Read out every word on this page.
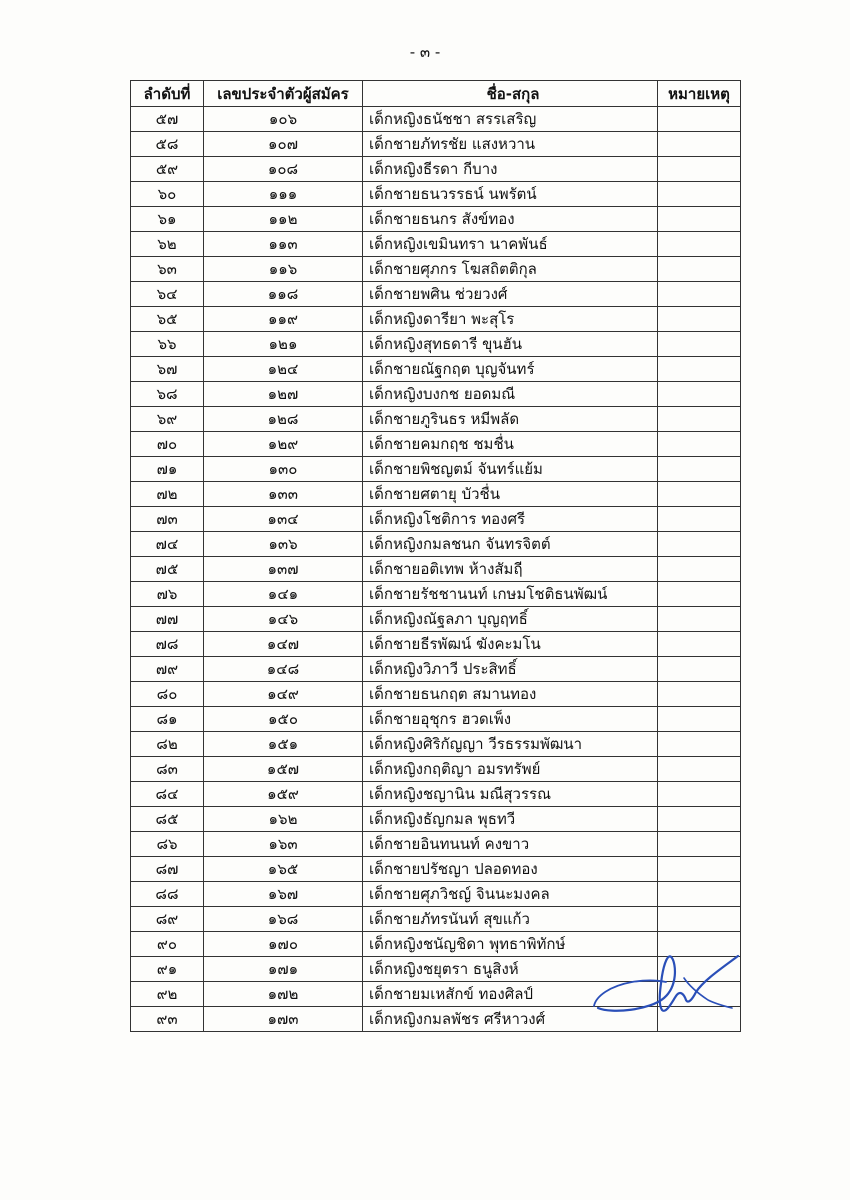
- ๓ -
ลำดับที่	เลขประจำตัวผู้สมัคร	ชื่อ-สกุล	หมายเหตุ
๕๗	๑๐๖	เด็กหญิงธนัชชา สรรเสริญ	
๕๘	๑๐๗	เด็กชายภัทรชัย แสงหวาน	
๕๙	๑๐๘	เด็กหญิงธีรดา กีบาง	
๖๐	๑๑๑	เด็กชายธนวรรธน์ นพรัตน์	
๖๑	๑๑๒	เด็กชายธนกร สังข์ทอง	
๖๒	๑๑๓	เด็กหญิงเขมินทรา นาคพันธ์	
๖๓	๑๑๖	เด็กชายศุภกร โฆสถิตติกุล	
๖๔	๑๑๘	เด็กชายพศิน ช่วยวงศ์	
๖๕	๑๑๙	เด็กหญิงดารียา พะสุโร	
๖๖	๑๒๑	เด็กหญิงสุทธดารี ขุนฮัน	
๖๗	๑๒๔	เด็กชายณัฐกฤต บุญจันทร์	
๖๘	๑๒๗	เด็กหญิงบงกช ยอดมณี	
๖๙	๑๒๘	เด็กชายภูรินธร หมีพลัด	
๗๐	๑๒๙	เด็กชายคมกฤช ชมชื่น	
๗๑	๑๓๐	เด็กชายพิชญตม์ จันทร์แย้ม	
๗๒	๑๓๓	เด็กชายศตายุ บัวชื่น	
๗๓	๑๓๔	เด็กหญิงโชติการ ทองศรี	
๗๔	๑๓๖	เด็กหญิงกมลชนก จันทรจิตต์	
๗๕	๑๓๗	เด็กชายอติเทพ ห้างสัมฤี	
๗๖	๑๔๑	เด็กชายรัชชานนท์ เกษมโชติธนพัฒน์	
๗๗	๑๔๖	เด็กหญิงณัฐลภา บุญฤทธิ์	
๗๘	๑๔๗	เด็กชายธีรพัฒน์ ฆังคะมโน	
๗๙	๑๔๘	เด็กหญิงวิภาวี ประสิทธิ์	
๘๐	๑๔๙	เด็กชายธนกฤต สมานทอง	
๘๑	๑๕๐	เด็กชายอุชุกร ฮวดเพ็ง	
๘๒	๑๕๑	เด็กหญิงศิริกัญญา วีรธรรมพัฒนา	
๘๓	๑๕๗	เด็กหญิงกฤติญา อมรทรัพย์	
๘๔	๑๕๙	เด็กหญิงชญานิน มณีสุวรรณ	
๘๕	๑๖๒	เด็กหญิงธัญกมล พุธทวี	
๘๖	๑๖๓	เด็กชายอินทนนท์ คงขาว	
๘๗	๑๖๕	เด็กชายปรัชญา ปลอดทอง	
๘๘	๑๖๗	เด็กชายศุภวิชญ์ จินนะมงคล	
๘๙	๑๖๘	เด็กชายภัทรนันท์ สุขแก้ว	
๙๐	๑๗๐	เด็กหญิงชนัญชิดา พุทธาพิทักษ์	
๙๑	๑๗๑	เด็กหญิงชยุตรา ธนูสิงห์	
๙๒	๑๗๒	เด็กชายมเหสักข์ ทองศิลป์	
๙๓	๑๗๓	เด็กหญิงกมลพัชร ศรีหาวงศ์	
